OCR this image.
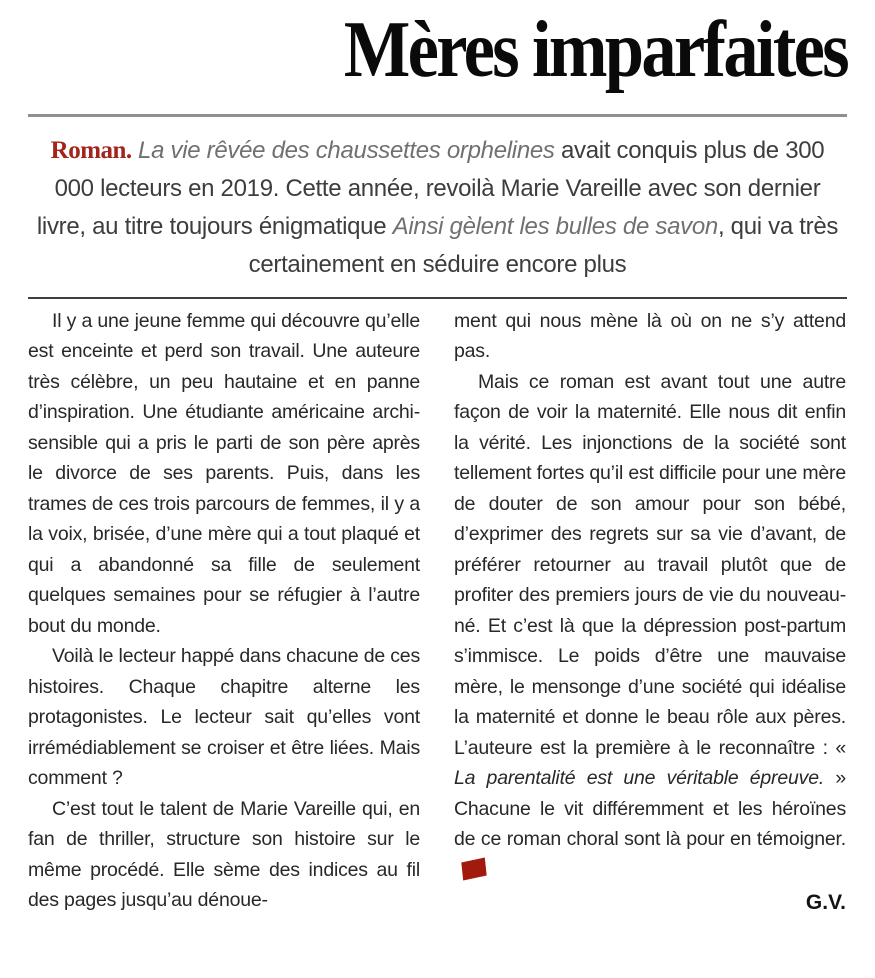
Mères imparfaites

Roman. La vie rêvée des chaussettes orphelines avait conquis plus de 300 000 lecteurs en 2019. Cette année, revoilà Marie Vareille avec son dernier livre, au titre toujours énigmatique Ainsi gèlent les bulles de savon, qui va très certainement en séduire encore plus

Il y a une jeune femme qui découvre qu’elle est enceinte et perd son travail. Une auteure très célèbre, un peu hautaine et en panne d’inspiration. Une étudiante américaine archi-sensible qui a pris le parti de son père après le divorce de ses parents. Puis, dans les trames de ces trois parcours de femmes, il y a la voix, brisée, d’une mère qui a tout plaqué et qui a abandonné sa fille de seulement quelques semaines pour se réfugier à l’autre bout du monde.

Voilà le lecteur happé dans chacune de ces histoires. Chaque chapitre alterne les protagonistes. Le lecteur sait qu’elles vont irrémédiablement se croiser et être liées. Mais comment ?

C’est tout le talent de Marie Vareille qui, en fan de thriller, structure son histoire sur le même procédé. Elle sème des indices au fil des pages jusqu’au dénoue-

ment qui nous mène là où on ne s’y attend pas.

Mais ce roman est avant tout une autre façon de voir la maternité. Elle nous dit enfin la vérité. Les injonctions de la société sont tellement fortes qu’il est difficile pour une mère de douter de son amour pour son bébé, d’exprimer des regrets sur sa vie d’avant, de préférer retourner au travail plutôt que de profiter des premiers jours de vie du nouveau-né. Et c’est là que la dépression post-partum s’immisce. Le poids d’être une mauvaise mère, le mensonge d’une société qui idéalise la maternité et donne le beau rôle aux pères. L’auteure est la première à le reconnaître : « La parentalité est une véritable épreuve. » Chacune le vit différemment et les héroïnes de ce roman choral sont là pour en témoigner.

G.V.
